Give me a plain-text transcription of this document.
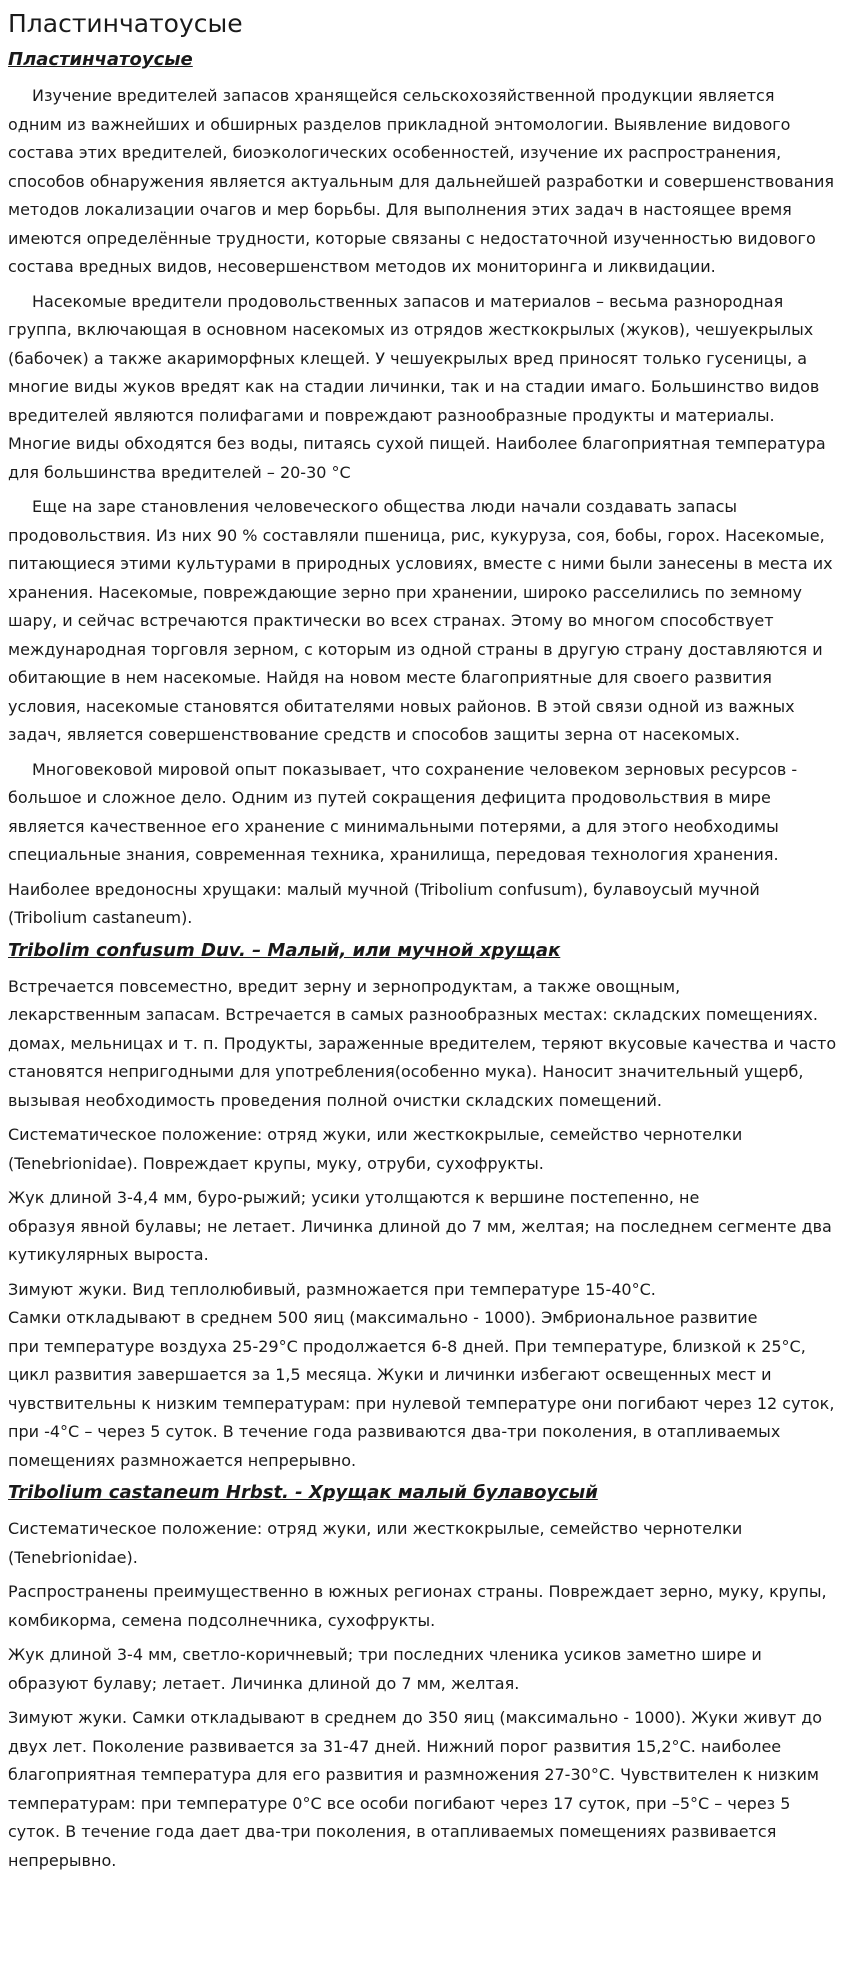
Пластинчатоусые
Пластинчатоусые

Изучение вредителей запасов хранящейся сельскохозяйственной продукции является
одним из важнейших и обширных разделов прикладной энтомологии. Выявление видового
состава этих вредителей, биоэкологических особенностей, изучение их распространения,
способов обнаружения является актуальным для дальнейшей разработки и совершенствования
методов локализации очагов и мер борьбы. Для выполнения этих задач в настоящее время
имеются определённые трудности, которые связаны с недостаточной изученностью видового
состава вредных видов, несовершенством методов их мониторинга и ликвидации.

Насекомые вредители продовольственных запасов и материалов – весьма разнородная
группа, включающая в основном насекомых из отрядов жесткокрылых (жуков), чешуекрылых
(бабочек) а также акариморфных клещей. У чешуекрылых вред приносят только гусеницы, а
многие виды жуков вредят как на стадии личинки, так и на стадии имаго. Большинство видов
вредителей являются полифагами и повреждают разнообразные продукты и материалы.
Многие виды обходятся без воды, питаясь сухой пищей. Наиболее благоприятная температура
для большинства вредителей – 20-30 °С

Еще на заре становления человеческого общества люди начали создавать запасы
продовольствия. Из них 90 % составляли пшеница, рис, кукуруза, соя, бобы, горох. Насекомые,
питающиеся этими культурами в природных условиях, вместе с ними были занесены в места их
хранения. Насекомые, повреждающие зерно при хранении, широко расселились по земному
шару, и сейчас встречаются практически во всех странах. Этому во многом способствует
международная торговля зерном, с которым из одной страны в другую страну доставляются и
обитающие в нем насекомые. Найдя на новом месте благоприятные для своего развития
условия, насекомые становятся обитателями новых районов. В этой связи одной из важных
задач, является совершенствование средств и способов защиты зерна от насекомых.

Многовековой мировой опыт показывает, что сохранение человеком зерновых ресурсов -
большое и сложное дело. Одним из путей сокращения дефицита продовольствия в мире
является качественное его хранение с минимальными потерями, а для этого необходимы
специальные знания, современная техника, хранилища, передовая технология хранения.

Наиболее вредоносны хрущаки: малый мучной (Tribolium confusum), булавоусый мучной
(Tribolium castaneum).

Tribolim confusum Duv. – Малый, или мучной хрущак

Встречается повсеместно, вредит зерну и зернопродуктам, а также овощным,
лекарственным запасам. Встречается в самых разнообразных местах: складских помещениях.
домах, мельницах и т. п. Продукты, зараженные вредителем, теряют вкусовые качества и часто
становятся непригодными для употребления(особенно мука). Наносит значительный ущерб,
вызывая необходимость проведения полной очистки складских помещений.

Систематическое положение: отряд жуки, или жесткокрылые, семейство чернотелки
(Tenebrionidae). Повреждает крупы, муку, отруби, сухофрукты.

Жук длиной 3-4,4 мм, буро-рыжий; усики утолщаются к вершине постепенно, не
образуя явной булавы; не летает. Личинка длиной до 7 мм, желтая; на последнем сегменте два
кутикулярных выроста.

Зимуют жуки. Вид теплолюбивый, размножается при температуре 15-40°С.
Самки откладывают в среднем 500 яиц (максимально - 1000). Эмбриональное развитие
при температуре воздуха 25-29°С продолжается 6-8 дней. При температуре, близкой к 25°С,
цикл развития завершается за 1,5 месяца. Жуки и личинки избегают освещенных мест и
чувствительны к низким температурам: при нулевой температуре они погибают через 12 суток,
при -4°С – через 5 суток. В течение года развиваются два-три поколения, в отапливаемых
помещениях размножается непрерывно.

Tribolium castaneum Hrbst. - Хрущак малый булавоусый

Систематическое положение: отряд жуки, или жесткокрылые, семейство чернотелки
(Tenebrionidae).

Распространены преимущественно в южных регионах страны. Повреждает зерно, муку, крупы,
комбикорма, семена подсолнечника, сухофрукты.

Жук длиной 3-4 мм, светло-коричневый; три последних членика усиков заметно шире и
образуют булаву; летает. Личинка длиной до 7 мм, желтая.

Зимуют жуки. Самки откладывают в среднем до 350 яиц (максимально - 1000). Жуки живут до
двух лет. Поколение развивается за 31-47 дней. Нижний порог развития 15,2°С. наиболее
благоприятная температура для его развития и размножения 27-30°С. Чувствителен к низким
температурам: при температуре 0°С все особи погибают через 17 суток, при –5°С – через 5
суток. В течение года дает два-три поколения, в отапливаемых помещениях развивается
непрерывно.
